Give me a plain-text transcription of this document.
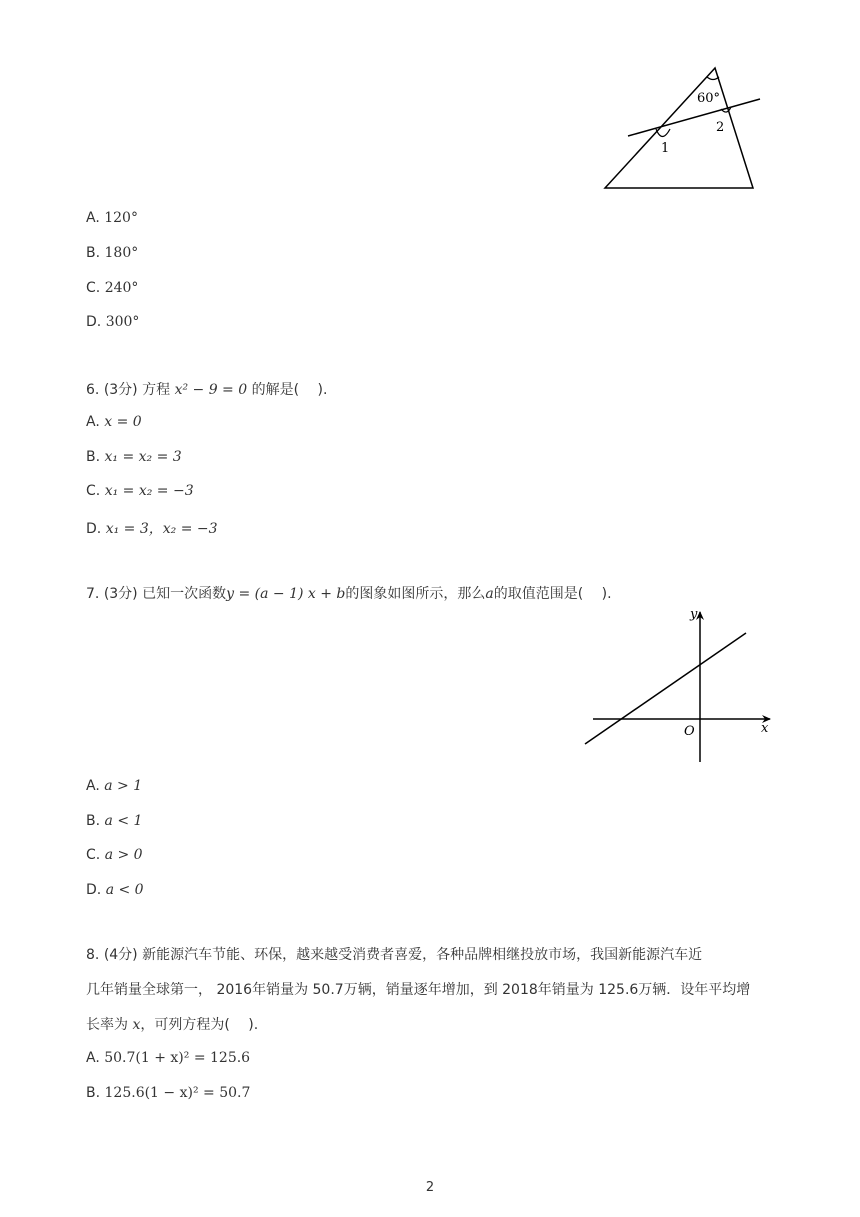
60°
1
2
A. 120°
B. 180°
C. 240°
D. 300°
6. (3分) 方程 x² − 9 = 0 的解是(　 ).
A. x = 0
B. x₁ = x₂ = 3
C. x₁ = x₂ = −3
D. x₁ = 3，x₂ = −3
7. (3分) 已知一次函数y = (a − 1) x + b的图象如图所示，那么a的取值范围是(　 ).
y
x
O
A. a > 1
B. a < 1
C. a > 0
D. a < 0
8. (4分) 新能源汽车节能、环保，越来越受消费者喜爱，各种品牌相继投放市场，我国新能源汽车近
几年销量全球第一， 2016年销量为 50.7万辆，销量逐年增加，到 2018年销量为 125.6万辆．设年平均增
长率为 x，可列方程为(　 ).
A. 50.7(1 + x)² = 125.6
B. 125.6(1 − x)² = 50.7
2
